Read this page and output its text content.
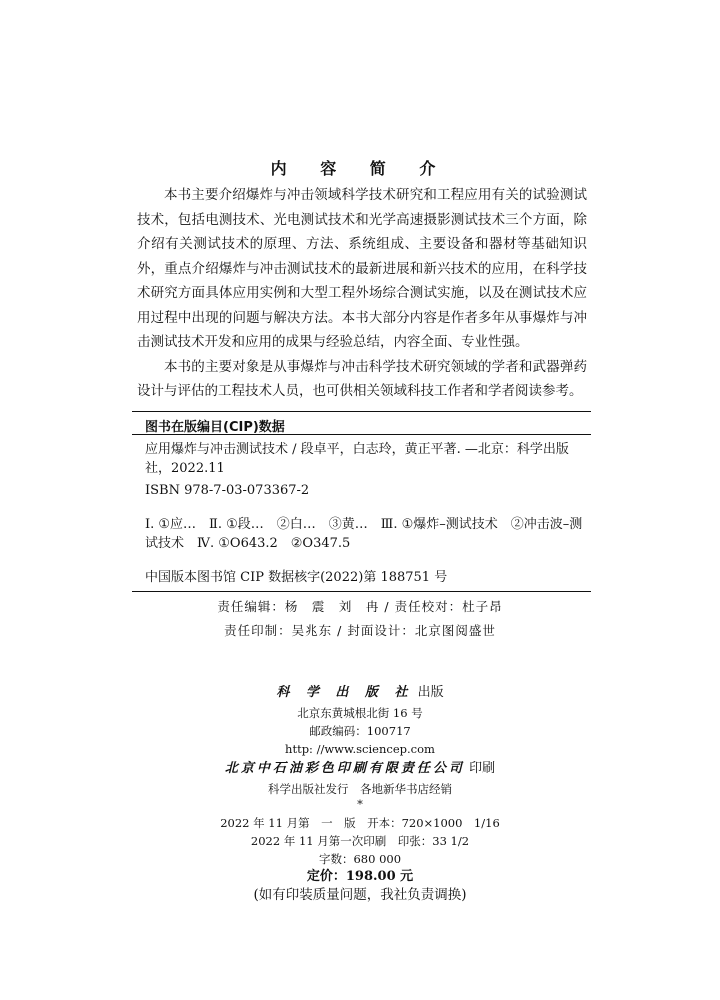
内 容 简 介

本书主要介绍爆炸与冲击领域科学技术研究和工程应用有关的试验测试技术，包括电测技术、光电测试技术和光学高速摄影测试技术三个方面，除介绍有关测试技术的原理、方法、系统组成、主要设备和器材等基础知识外，重点介绍爆炸与冲击测试技术的最新进展和新兴技术的应用，在科学技术研究方面具体应用实例和大型工程外场综合测试实施，以及在测试技术应用过程中出现的问题与解决方法。本书大部分内容是作者多年从事爆炸与冲击测试技术开发和应用的成果与经验总结，内容全面、专业性强。

本书的主要对象是从事爆炸与冲击科学技术研究领域的学者和武器弹药设计与评估的工程技术人员，也可供相关领域科技工作者和学者阅读参考。

图书在版编目(CIP)数据
应用爆炸与冲击测试技术 / 段卓平，白志玲，黄正平著. —北京：科学出版社，2022.11
ISBN 978-7-03-073367-2
Ⅰ. ①应…　Ⅱ. ①段…　②白…　③黄…　Ⅲ. ①爆炸–测试技术　②冲击波–测试技术　Ⅳ. ①O643.2　②O347.5
中国版本图书馆 CIP 数据核字(2022)第 188751 号
责任编辑：杨　震　刘　冉 / 责任校对：杜子昂
责任印制：吴兆东 / 封面设计：北京图阅盛世
科 学 出 版 社 出版
北京东黄城根北街 16 号
邮政编码：100717
http: //www.sciencep.com
北京中石油彩色印刷有限责任公司 印刷
科学出版社发行　各地新华书店经销
*
2022 年 11 月第　一　版　开本：720×1000　1/16
2022 年 11 月第一次印刷　印张：33 1/2
字数：680 000
定价：198.00 元
(如有印装质量问题，我社负责调换)
